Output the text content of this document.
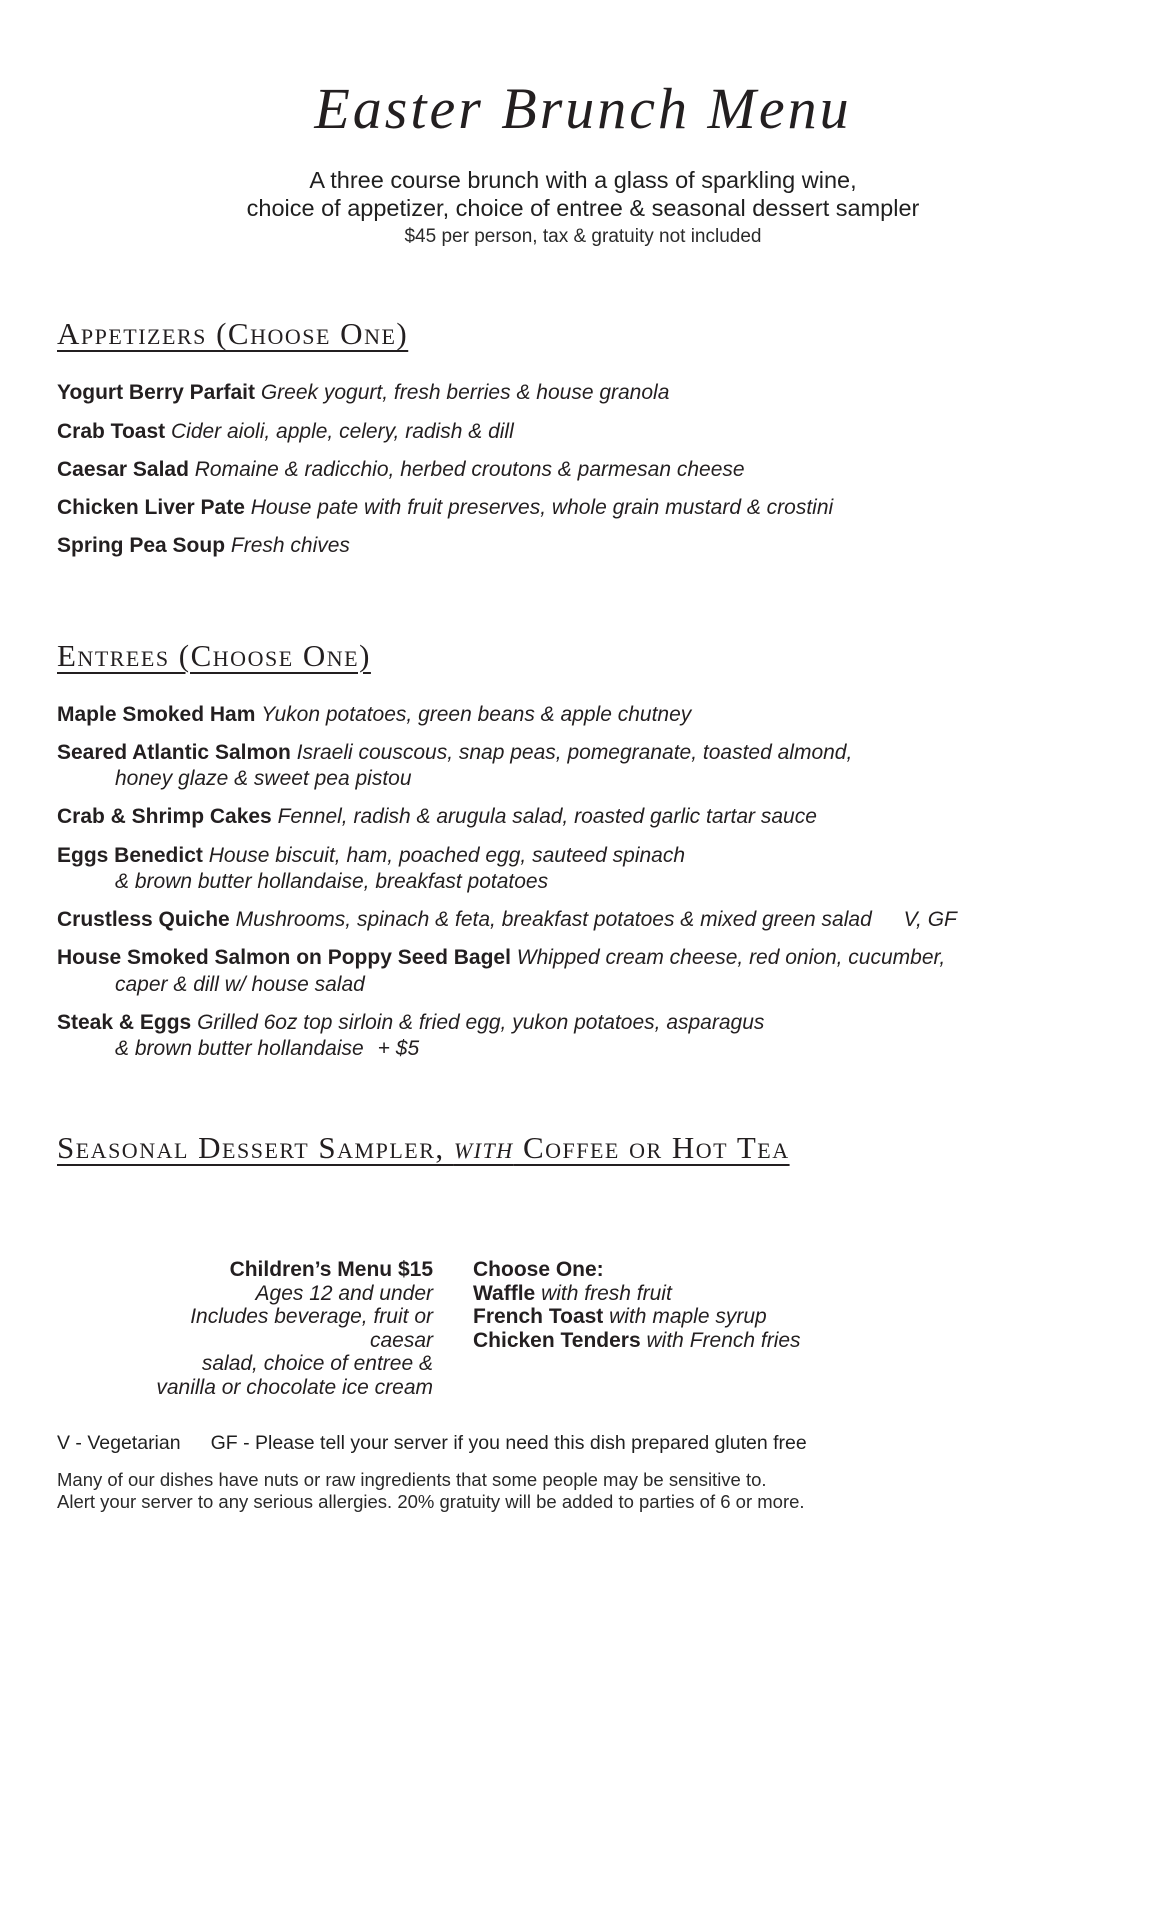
Easter Brunch Menu
A three course brunch with a glass of sparkling wine,
choice of appetizer, choice of entree & seasonal dessert sampler
$45 per person, tax & gratuity not included
Appetizers (Choose One)
Yogurt Berry Parfait Greek yogurt, fresh berries & house granola
Crab Toast Cider aioli, apple, celery, radish & dill
Caesar Salad Romaine & radicchio, herbed croutons & parmesan cheese
Chicken Liver Pate House pate with fruit preserves, whole grain mustard & crostini
Spring Pea Soup Fresh chives
Entrees (Choose One)
Maple Smoked Ham Yukon potatoes, green beans & apple chutney
Seared Atlantic Salmon Israeli couscous, snap peas, pomegranate, toasted almond,
honey glaze & sweet pea pistou
Crab & Shrimp Cakes Fennel, radish & arugula salad, roasted garlic tartar sauce
Eggs Benedict House biscuit, ham, poached egg, sauteed spinach
& brown butter hollandaise, breakfast potatoes
Crustless Quiche Mushrooms, spinach & feta, breakfast potatoes & mixed green salad V, GF
House Smoked Salmon on Poppy Seed Bagel Whipped cream cheese, red onion, cucumber,
caper & dill w/ house salad
Steak & Eggs Grilled 6oz top sirloin & fried egg, yukon potatoes, asparagus
& brown butter hollandaise + $5
Seasonal Dessert Sampler, with Coffee or Hot Tea
Children’s Menu $15
Ages 12 and under
Includes beverage, fruit or caesar
salad, choice of entree &
vanilla or chocolate ice cream
Choose One:
Waffle with fresh fruit
French Toast with maple syrup
Chicken Tenders with French fries
V - Vegetarian GF - Please tell your server if you need this dish prepared gluten free
Many of our dishes have nuts or raw ingredients that some people may be sensitive to.
Alert your server to any serious allergies. 20% gratuity will be added to parties of 6 or more.
